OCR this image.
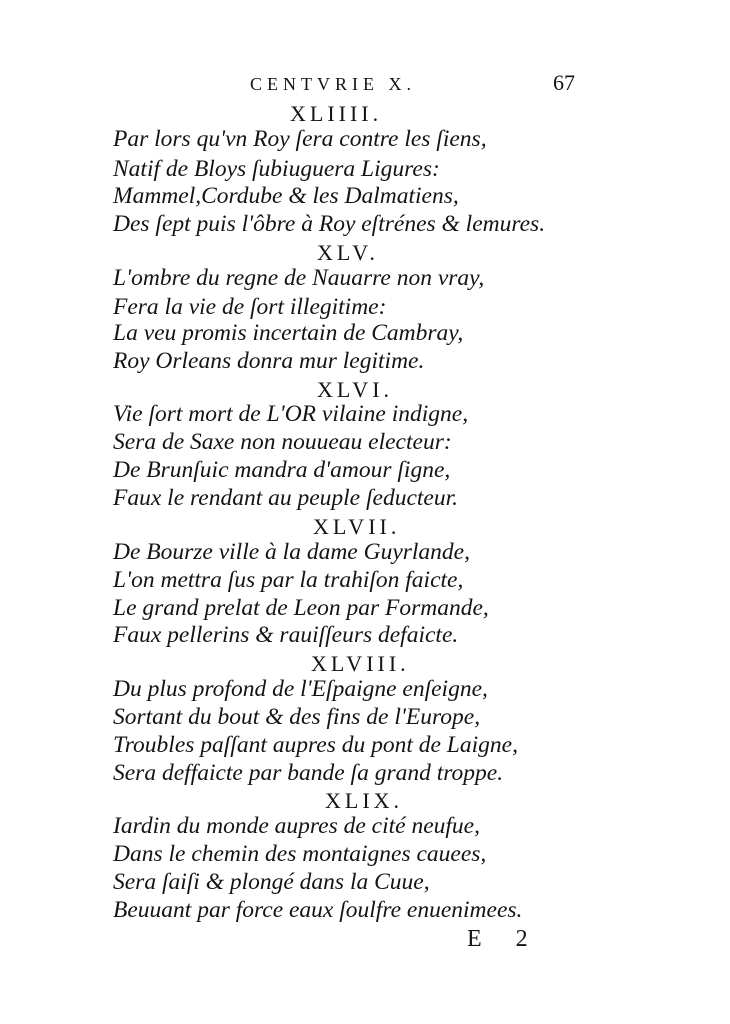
CENTVRIE X.	67
XLIIII.
Par lors qu'vn Roy ſera contre les ſiens,
Natif de Bloys ſubiuguera Ligures:
Mammel,Cordube & les Dalmatiens,
Des ſept puis l'ôbre à Roy eſtrénes & lemures.
XLV.
L'ombre du regne de Nauarre non vray,
Fera la vie de ſort illegitime:
La veu promis incertain de Cambray,
Roy Orleans donra mur legitime.
XLVI.
Vie ſort mort de L'OR vilaine indigne,
Sera de Saxe non nouueau electeur:
De Brunſuic mandra d'amour ſigne,
Faux le rendant au peuple ſeducteur.
XLVII.
De Bourze ville à la dame Guyrlande,
L'on mettra ſus par la trahiſon faicte,
Le grand prelat de Leon par Formande,
Faux pellerins & rauiſſeurs defaicte.
XLVIII.
Du plus profond de l'Eſpaigne enſeigne,
Sortant du bout & des fins de l'Europe,
Troubles paſſant aupres du pont de Laigne,
Sera deffaicte par bande ſa grand troppe.
XLIX.
Iardin du monde aupres de cité neufue,
Dans le chemin des montaignes cauees,
Sera ſaiſi & plongé dans la Cuue,
Beuuant par force eaux ſoulfre enuenimees.
E 2
